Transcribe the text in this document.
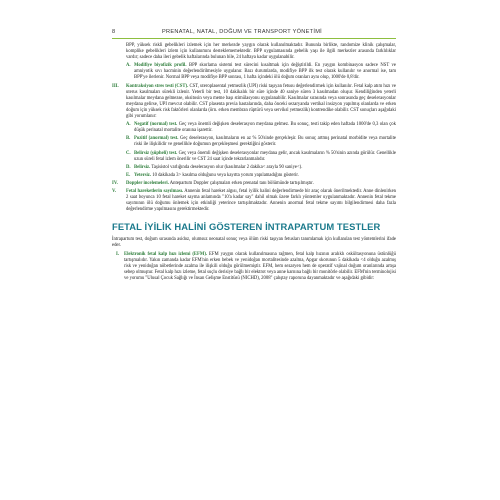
8	PRENATAL, NATAL, DOĞUM VE TRANSPORT YÖNETİMİ

BPP, yüksek riskli gebelikleri izlemek için her merkezde yaygın olarak kullanılmaktadır. Bununla birlikte, randomize klinik çalışmalar, komplike gebelikleri izlem için kullanımını desteklememektedir. BPP uygulamasında gebelik yaşı ile ilgili merkezler arasında farklılıklar vardır; sadece daha ileri gebelik haftalarında bulunan bile, 24 haftaya kadar uygulanabilir.

A. Modifiye biyofizik profil. BPP skorlama sistemi test sürecini kısaltmak için değiştirildi. En yaygın kombinasyon sadece NST ve amniyotik sıvı hacminin değerlendirilmesiyle uygulanır. Bazı durumlarda, modifiye BPP ilk test olarak kullanılır ve anormal ise, tam BPP'ye ilerlenir. Normal BPP veya modifiye BPP sonrası, 1 hafta içindeki ölü doğum oranları aynı olup, 1000'de 0,8'dir.
III.	Kontraksiyon stres testi (CST). CST, uteroplasental yetmezlik (UPI) riski taşıyan fetusu değerlendirmek için kullanılır. Fetal kalp atım hızı ve uterus kasılmaları sürekli izlenir. Yeterli bir test, 10 dakikalık bir süre içinde 40 saniye süren 3 kasılmadan oluşur. Kendiliğinden yeterli kasılmalar meydana gelmezse, oksitosin veya meme başı stimülasyonu uygulanabilir. Kasılmalar sırasında veya sonrasında geç deselerasyonlar meydana gelirse, UPI mevcut olabilir. CST plasenta previa hastalarında, daha önceki sezaryanda vertikal insizyon yapılmış olanlarda ve erken doğum için yüksek risk faktörleri olanlarda (örn. erken membran rüptürü veya serviksl yetmezlik) kontrendike olabilir. CST sonuçları aşağıdaki gibi yorumlanır:
A. Negatif (normal) test. Geç veya önemli değişken deselerasyon meydana gelmez. Bu sonuç, testi takip eden haftada 1000'de 0,3 olan çok düşük perinatal mortalite oranına işarettir.
B. Pozitif (anormal) test. Geç deselerasyon, kasılmaların en az % 50'sinde gerçekleşir. Bu sonuç artmış perinatal morbidite veya mortalite riski ile ilişkilidir ve genellikle doğumun gerçekleşmesi gerektiğini gösterir.
C. Belirsiz (şüpheli) test. Geç veya önemli değişken deselerasyonlar meydana gelir, ancak kasılmaların % 50'sinin azında görülür. Genellikle uzun süreli fetal izlem önerilir ve CST 24 saat içinde tekrarlanmalıdır.
D. Belirsiz. Taşisistol varlığında deselerasyon olur (kasılmalar 2 dakika< arayla 90 saniye<).
E. Yetersiz. 10 dakikada 3> kasılma olduğunu veya kayıtta yorum yapılamadığını gösterir.
IV.	Doppler incelemeleri. Antepartum Doppler çalışmaları erken prenatal tanı bölümünde tartışılmıştır.
V.	Fetal hareketlerin sayılması. Annenin fetal hareket algısı, fetal iyilik halini değerlendirmede bir araç olarak önerilmektedir. Anne dinlenirken 2 saat boyunca 10 fetal hareket sayma anlamında "10'a kadar say" dahil olmak üzere farklı yöntemler uygulanmaktadır. Annenin fetal tekme sayımının ölü doğumu önlemek için etkinliği yeterince tartışılmaktadır. Annenin anormal fetal tekme sayımı bilgilendirmesi daha fazla değerlendirme yapılmasını gerektirmektedir.
FETAL İYİLİK HALİNİ GÖSTEREN İNTRAPARTUM TESTLER

İntrapartum test, doğum sırasında asidoz, olumsuz neonatal sonuç veya ölüm riski taşıyan fetusları tanımlamak için kullanılan test yöntemlerini ifade eder.

I.	Elektronik fetal kalp hızı izlemi (EFM). EFM yaygın olarak kullanılmasına rağmen, fetal kalp hızının aralıklı oskültasyonuna üstünlüğü tartışmalıdır. Yakın zamanda kadar EFM'nin erken bebek ve yenidoğan mortalitesinde azalma, Apgar skorunun 5 dakikada <4 olduğu azalmış risk ve yenidoğan nöbetlerinde azalma ile ilişkili olduğu görülmemiştir. EFM, hem sezaryen hem de operatif vajinal doğum oranlarında artışa sebep olmuştur. Fetal kalp hızı izleme, fetal suçlu derisiye bağlı bir elektrot veya anne karnına bağlı bir monitörle olabilir. EFM'nin terminolojisi ve yorumu "Ulusal Çocuk Sağlığı ve İnsan Gelişme Enstitüsü (NICHD), 2008" çalıştay raporuna dayanmaktadır ve aşağıdaki gibidir:
